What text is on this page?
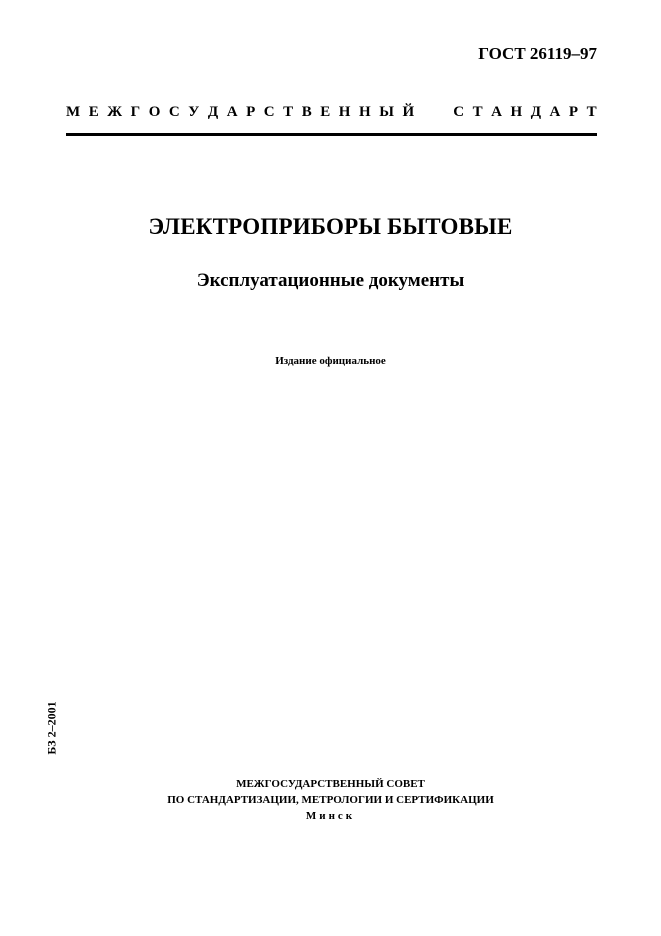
ГОСТ 26119–97
М Е Ж Г О С У Д А Р С Т В Е Н Н Ы Й	С Т А Н Д А Р Т
ЭЛЕКТРОПРИБОРЫ БЫТОВЫЕ
Эксплуатационные документы
Издание официальное
БЗ 2–2001
МЕЖГОСУДАРСТВЕННЫЙ СОВЕТ
ПО СТАНДАРТИЗАЦИИ, МЕТРОЛОГИИ И СЕРТИФИКАЦИИ
Минск
